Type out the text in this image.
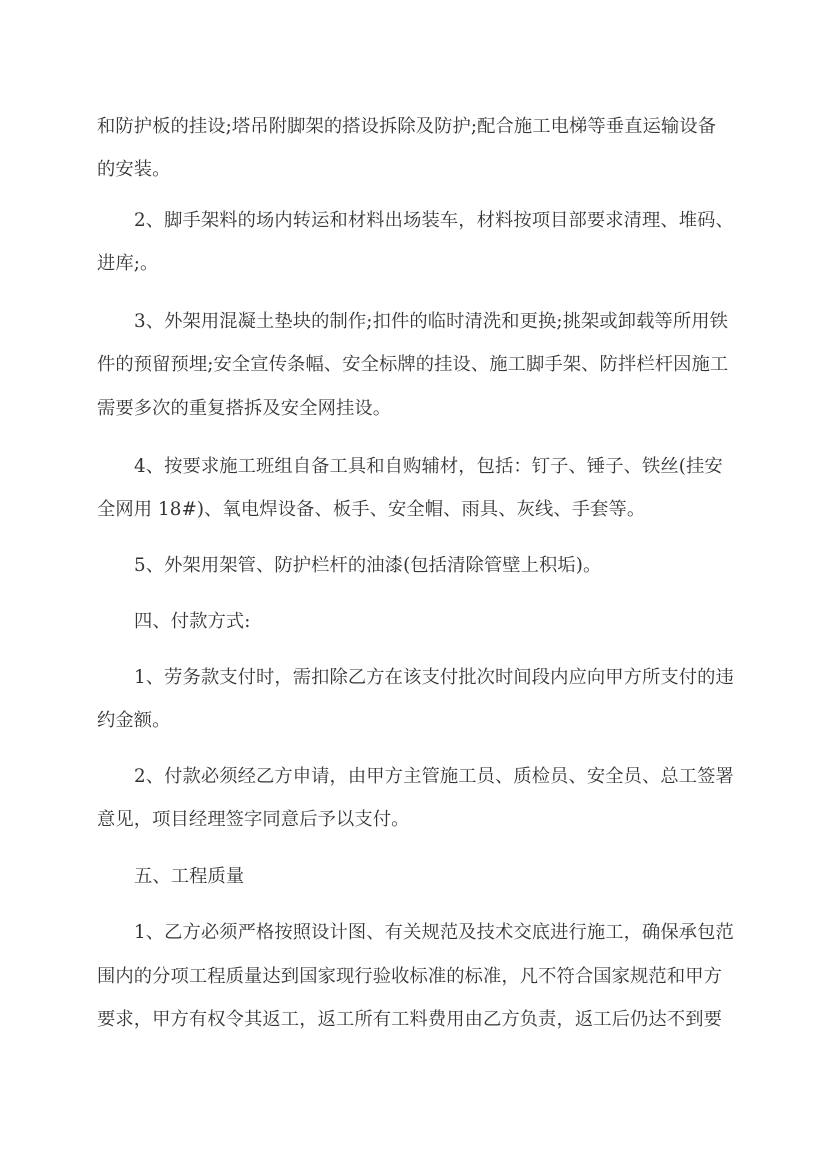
和防护板的挂设;塔吊附脚架的搭设拆除及防护;配合施工电梯等垂直运输设备
的安装。
2、脚手架料的场内转运和材料出场装车，材料按项目部要求清理、堆码、
进库;。
3、外架用混凝土垫块的制作;扣件的临时清洗和更换;挑架或卸载等所用铁
件的预留预埋;安全宣传条幅、安全标牌的挂设、施工脚手架、防拌栏杆因施工
需要多次的重复搭拆及安全网挂设。
4、按要求施工班组自备工具和自购辅材，包括：钉子、锤子、铁丝(挂安
全网用 18#)、氧电焊设备、板手、安全帽、雨具、灰线、手套等。
5、外架用架管、防护栏杆的油漆(包括清除管壁上积垢)。
四、付款方式:
1、劳务款支付时，需扣除乙方在该支付批次时间段内应向甲方所支付的违
约金额。
2、付款必须经乙方申请，由甲方主管施工员、质检员、安全员、总工签署
意见，项目经理签字同意后予以支付。
五、工程质量
1、乙方必须严格按照设计图、有关规范及技术交底进行施工，确保承包范
围内的分项工程质量达到国家现行验收标准的标准，凡不符合国家规范和甲方
要求，甲方有权令其返工，返工所有工料费用由乙方负责，返工后仍达不到要
